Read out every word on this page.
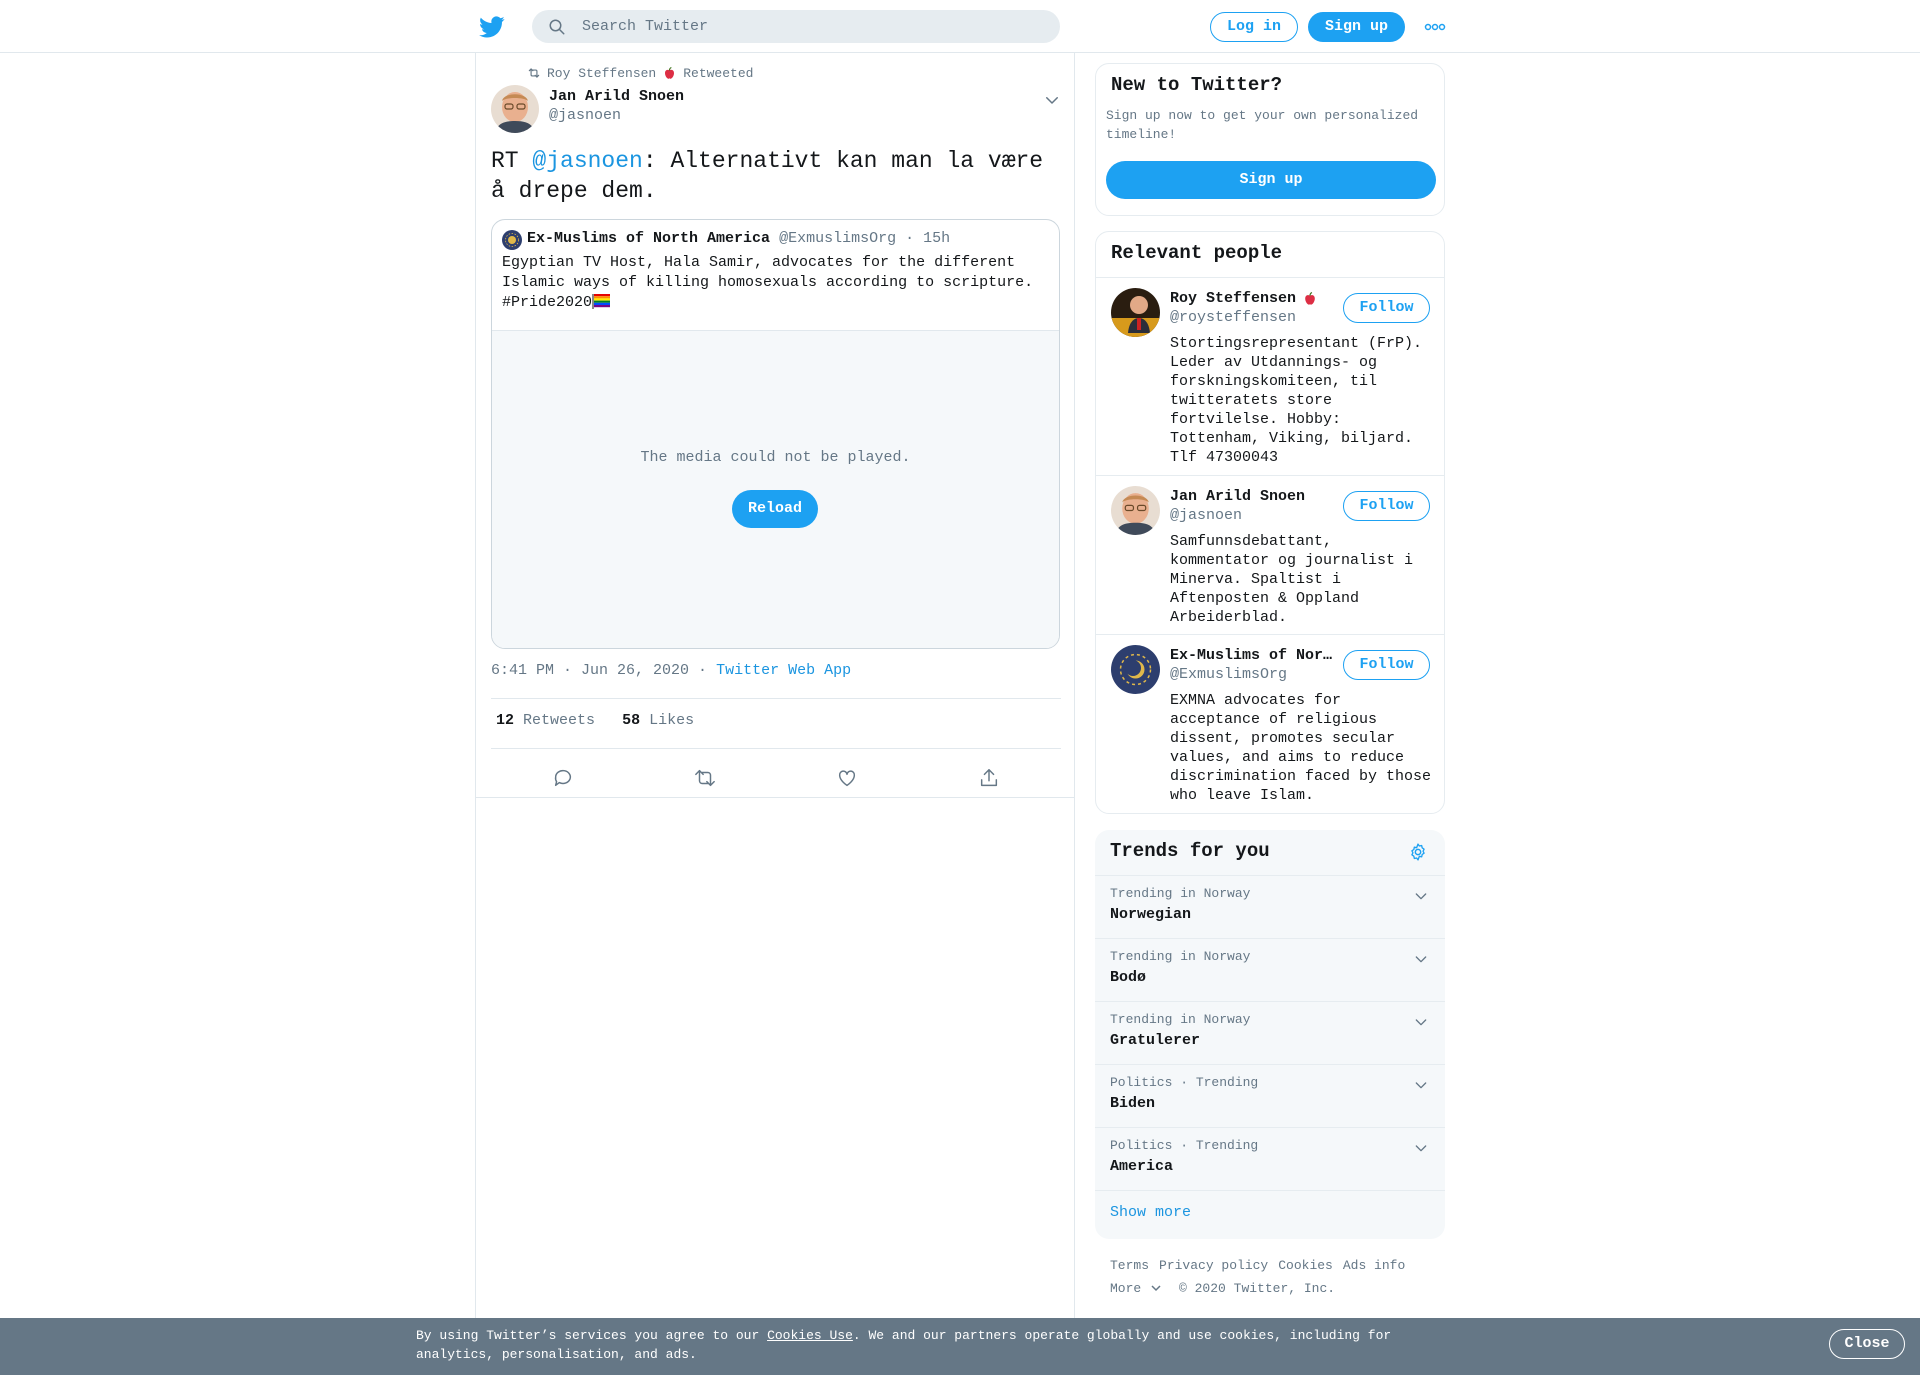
Search Twitter
Log in	Sign up
Roy Steffensen Retweeted
Jan Arild Snoen
@jasnoen
RT @jasnoen: Alternativt kan man la være å drepe dem.
Ex-Muslims of North America @ExmuslimsOrg · 15h
Egyptian TV Host, Hala Samir, advocates for the different Islamic ways of killing homosexuals according to scripture.
#Pride2020
The media could not be played.
Reload
6:41 PM · Jun 26, 2020 · Twitter Web App
12 Retweets 58 Likes
New to Twitter?
Sign up now to get your own personalized timeline!
Sign up
Relevant people
Roy Steffensen
@roysteffensen
Follow
Stortingsrepresentant (FrP). Leder av Utdannings- og forskningskomiteen, til twitteratets store fortvilelse. Hobby: Tottenham, Viking, biljard. Tlf 47300043
Jan Arild Snoen
@jasnoen
Follow
Samfunnsdebattant, kommentator og journalist i Minerva. Spaltist i Aftenposten & Oppland Arbeiderblad.
Ex-Muslims of Nor…
@ExmuslimsOrg
Follow
EXMNA advocates for acceptance of religious dissent, promotes secular values, and aims to reduce discrimination faced by those who leave Islam.
Trends for you
Trending in Norway
Norwegian
Trending in Norway
Bodø
Trending in Norway
Gratulerer
Politics · Trending
Biden
Politics · Trending
America
Show more
Terms Privacy policy Cookies Ads info
More	© 2020 Twitter, Inc.
By using Twitter’s services you agree to our Cookies Use. We and our partners operate globally and use cookies, including for analytics, personalisation, and ads.
Close
